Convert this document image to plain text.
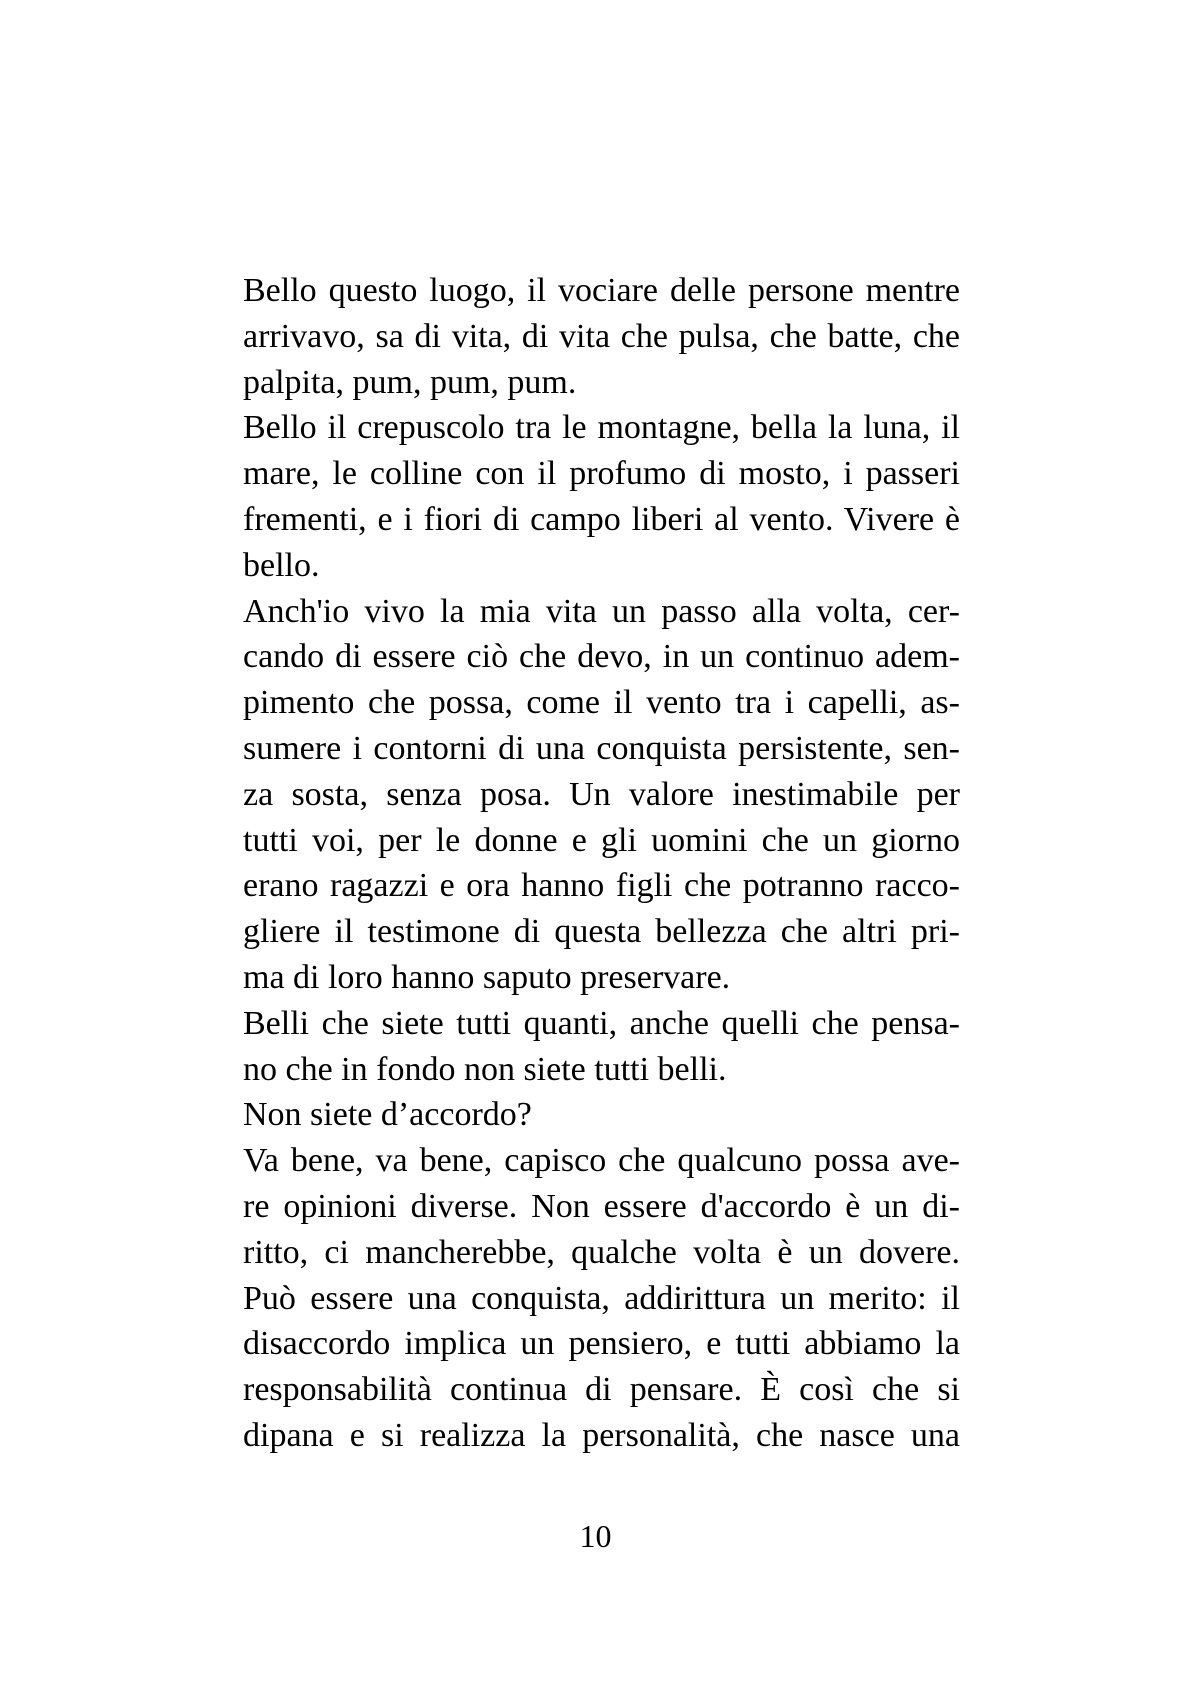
Bello questo luogo, il vociare delle persone mentre
arrivavo, sa di vita, di vita che pulsa, che batte, che
palpita, pum, pum, pum.
Bello il crepuscolo tra le montagne, bella la luna, il
mare, le colline con il profumo di mosto, i passeri
frementi, e i fiori di campo liberi al vento. Vivere è
bello.
Anch'io vivo la mia vita un passo alla volta, cer-
cando di essere ciò che devo, in un continuo adem-
pimento che possa, come il vento tra i capelli, as-
sumere i contorni di una conquista persistente, sen-
za sosta, senza posa. Un valore inestimabile per
tutti voi, per le donne e gli uomini che un giorno
erano ragazzi e ora hanno figli che potranno racco-
gliere il testimone di questa bellezza che altri pri-
ma di loro hanno saputo preservare.
Belli che siete tutti quanti, anche quelli che pensa-
no che in fondo non siete tutti belli.
Non siete d’accordo?
Va bene, va bene, capisco che qualcuno possa ave-
re opinioni diverse. Non essere d'accordo è un di-
ritto, ci mancherebbe, qualche volta è un dovere.
Può essere una conquista, addirittura un merito: il
disaccordo implica un pensiero, e tutti abbiamo la
responsabilità continua di pensare. È così che si
dipana e si realizza la personalità, che nasce una
10
